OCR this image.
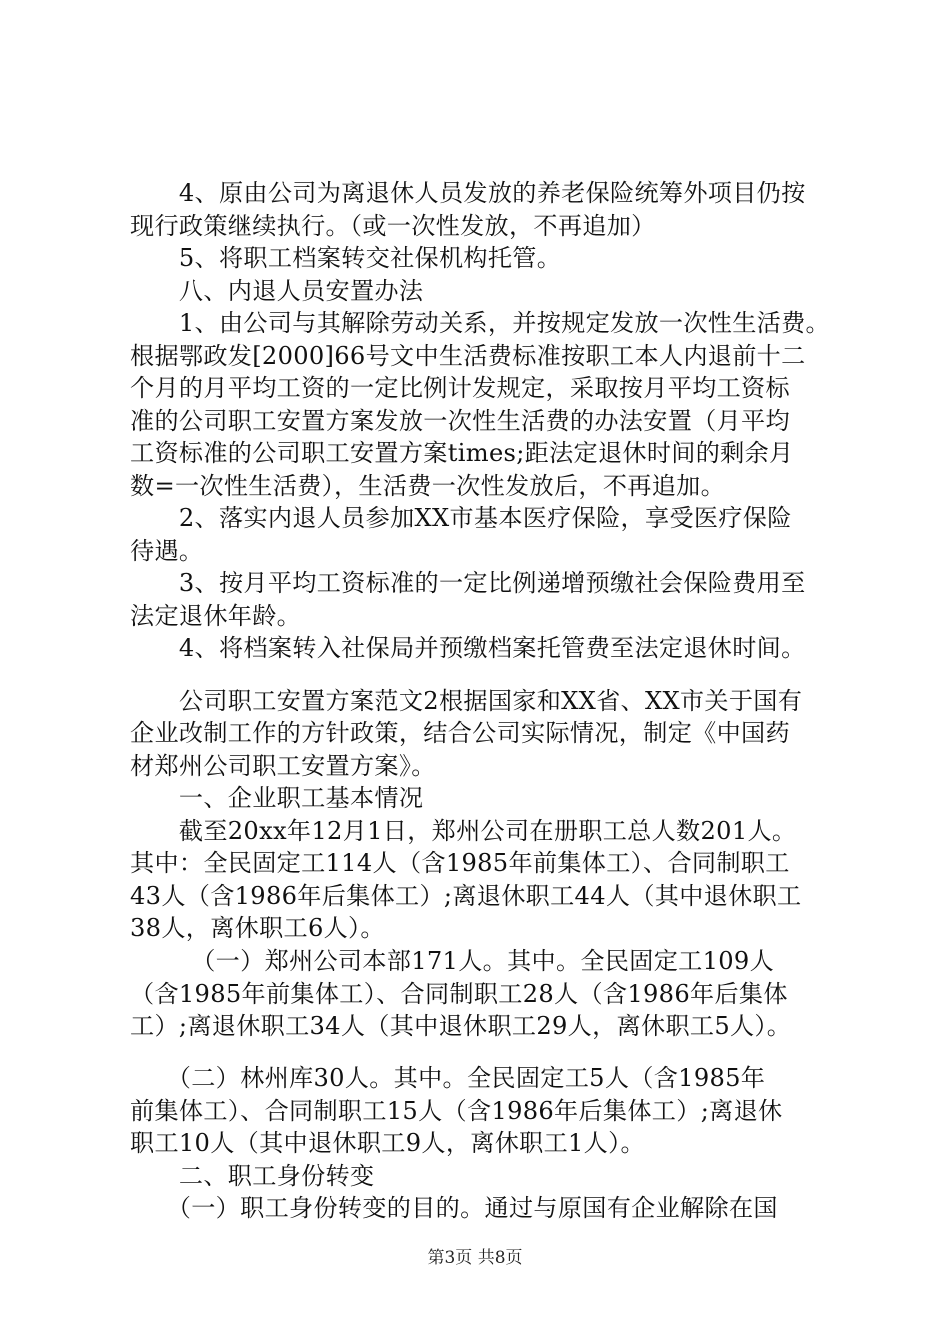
　　4、原由公司为离退休人员发放的养老保险统筹外项目仍按
现行政策继续执行。（或一次性发放，不再追加）
　　5、将职工档案转交社保机构托管。
　　八、内退人员安置办法
　　1、由公司与其解除劳动关系，并按规定发放一次性生活费。
根据鄂政发[2000]66号文中生活费标准按职工本人内退前十二
个月的月平均工资的一定比例计发规定，采取按月平均工资标
准的公司职工安置方案发放一次性生活费的办法安置（月平均
工资标准的公司职工安置方案times;距法定退休时间的剩余月
数=一次性生活费），生活费一次性发放后，不再追加。
　　2、落实内退人员参加XX市基本医疗保险，享受医疗保险
待遇。
　　3、按月平均工资标准的一定比例递增预缴社会保险费用至
法定退休年龄。
　　4、将档案转入社保局并预缴档案托管费至法定退休时间。
　　公司职工安置方案范文2根据国家和XX省、XX市关于国有
企业改制工作的方针政策，结合公司实际情况，制定《中国药
材郑州公司职工安置方案》。
　　一、企业职工基本情况
　　截至20xx年12月1日，郑州公司在册职工总人数201人。
其中：全民固定工114人（含1985年前集体工）、合同制职工
43人（含1986年后集体工）;离退休职工44人（其中退休职工
38人，离休职工6人）。
　　　（一）郑州公司本部171人。其中。全民固定工109人
（含1985年前集体工）、合同制职工28人（含1986年后集体
工）;离退休职工34人（其中退休职工29人，离休职工5人）。
　　（二）林州库30人。其中。全民固定工5人（含1985年
前集体工）、合同制职工15人（含1986年后集体工）;离退休
职工10人（其中退休职工9人，离休职工1人）。
　　二、职工身份转变
　　（一）职工身份转变的目的。通过与原国有企业解除在国
第3页 共8页
